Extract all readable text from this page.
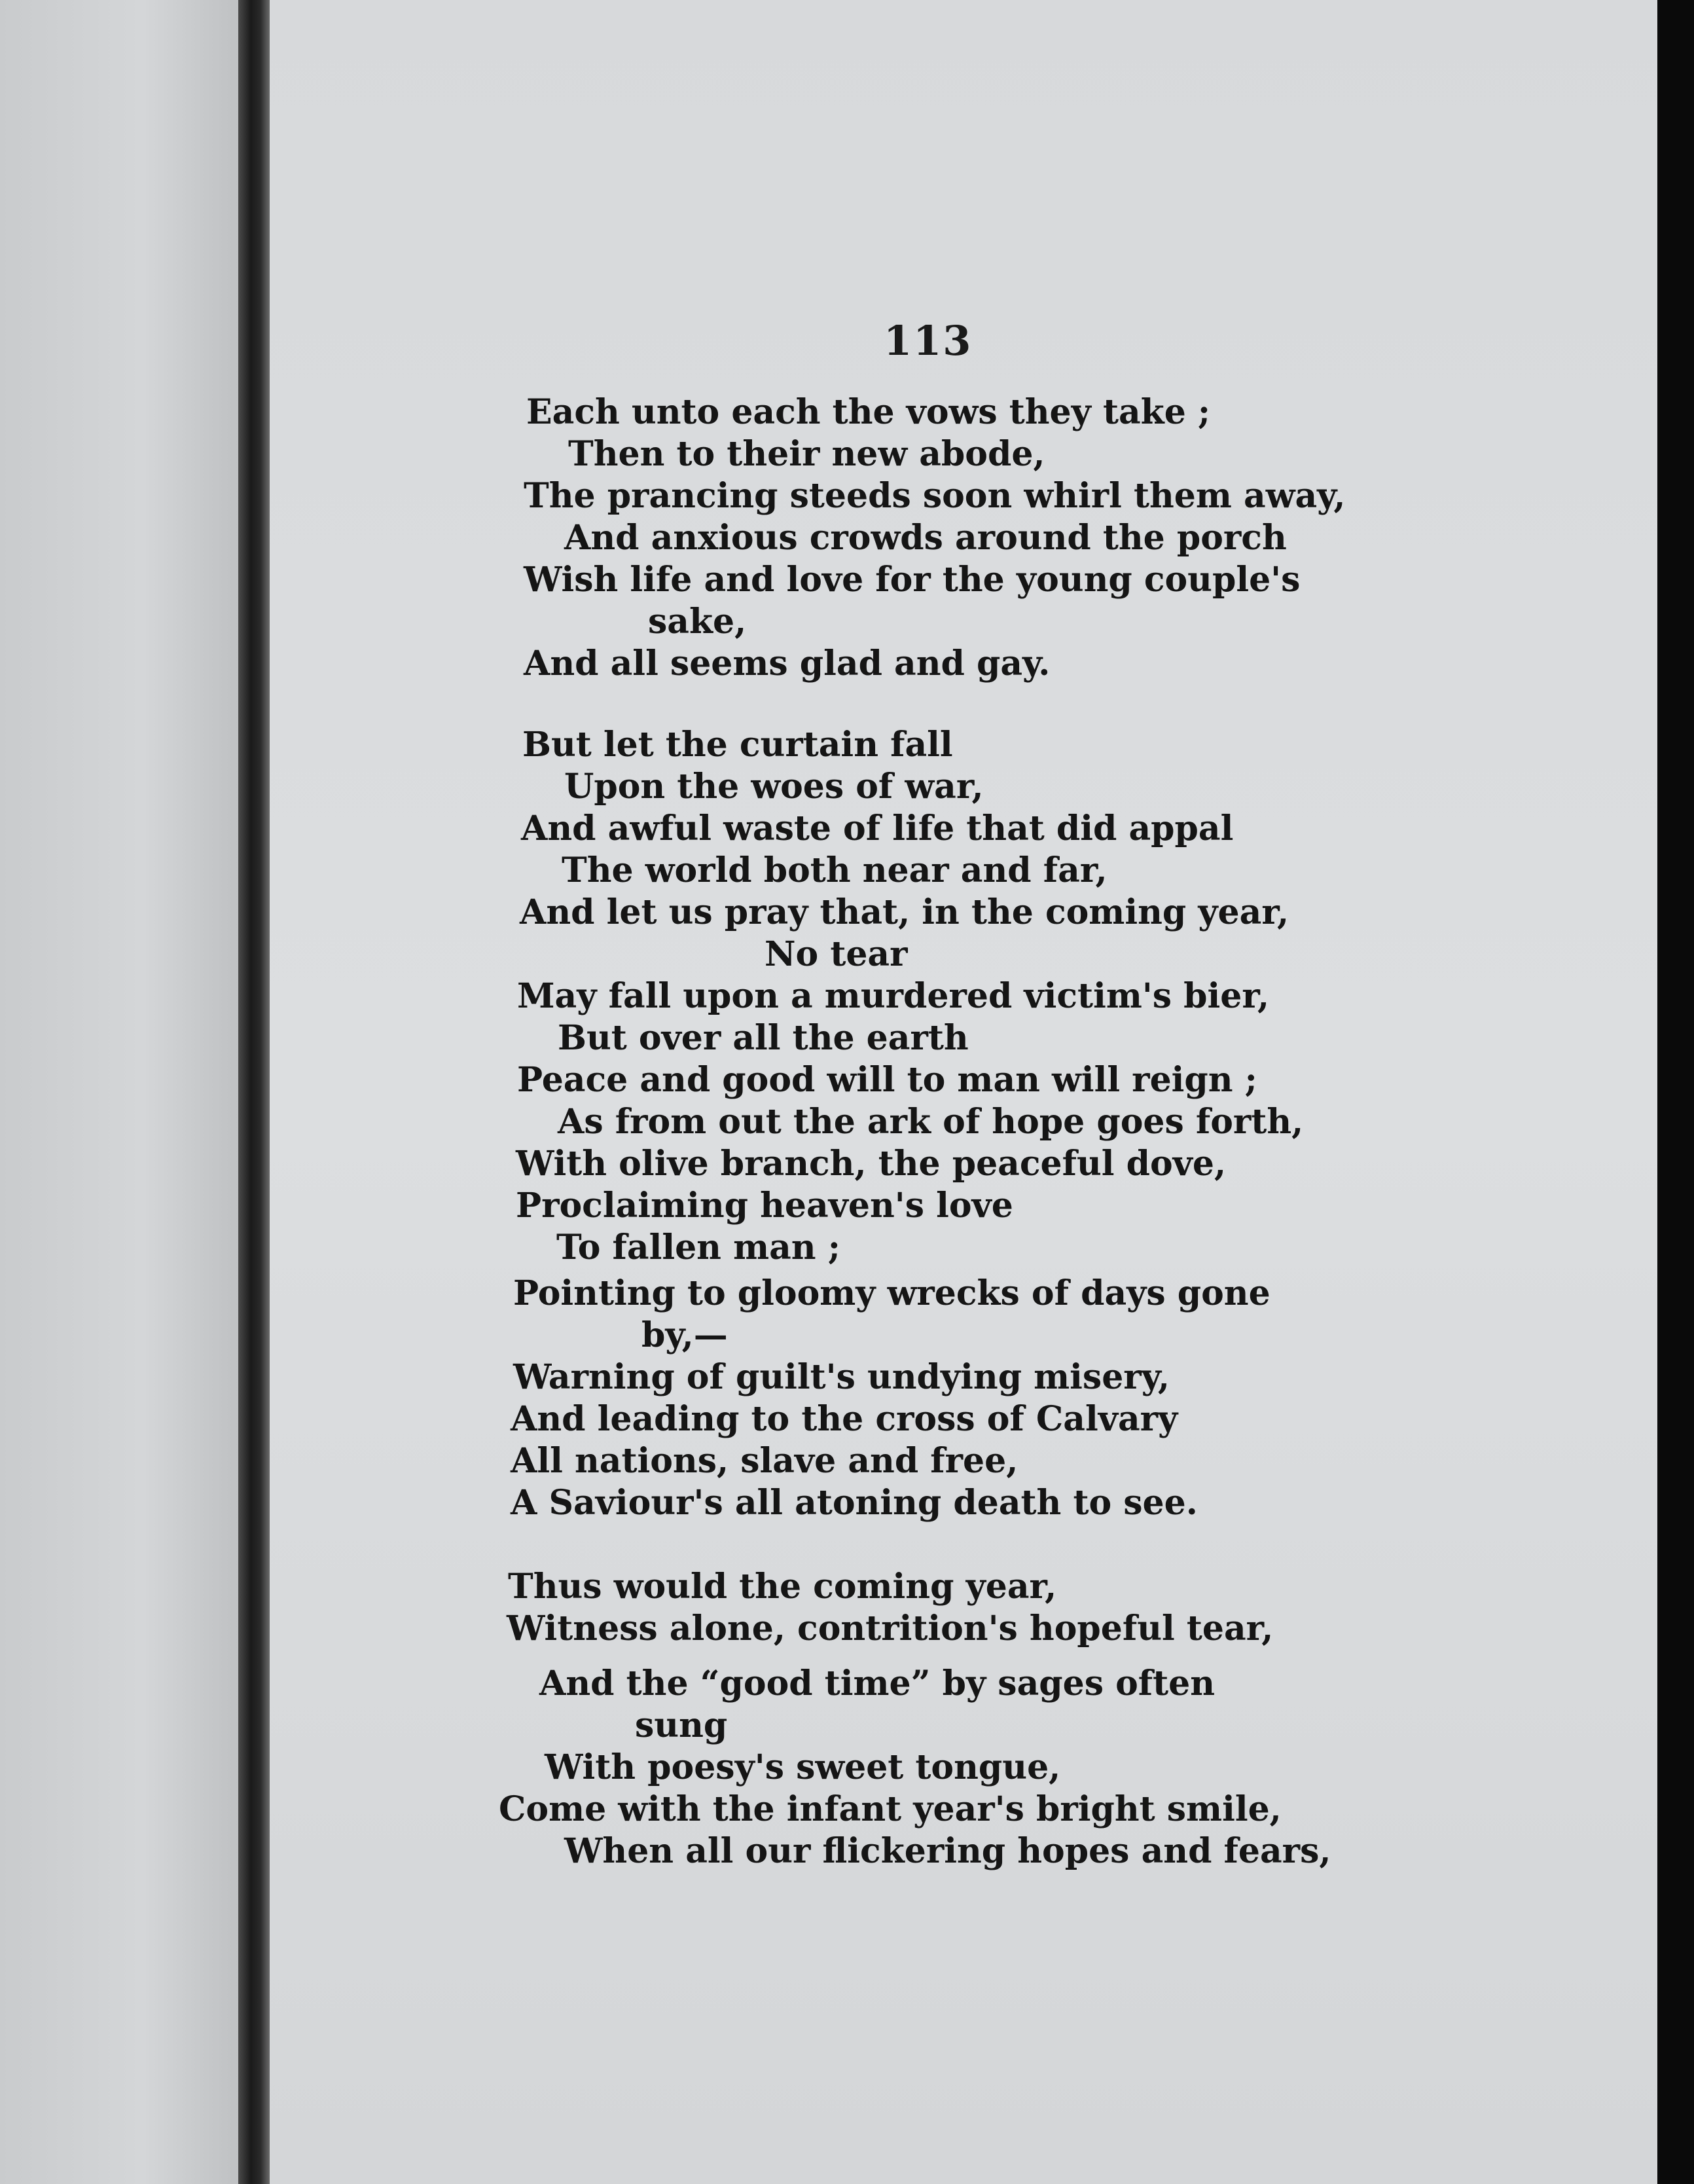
113
Each unto each the vows they take ;
Then to their new abode,
The prancing steeds soon whirl them away,
And anxious crowds around the porch
Wish life and love for the young couple's
sake,
And all seems glad and gay.
But let the curtain fall
Upon the woes of war,
And awful waste of life that did appal
The world both near and far,
And let us pray that, in the coming year,
No tear
May fall upon a murdered victim's bier,
But over all the earth
Peace and good will to man will reign ;
As from out the ark of hope goes forth,
With olive branch, the peaceful dove,
Proclaiming heaven's love
To fallen man ;
Pointing to gloomy wrecks of days gone
by,—
Warning of guilt's undying misery,
And leading to the cross of Calvary
All nations, slave and free,
A Saviour's all atoning death to see.
Thus would the coming year,
Witness alone, contrition's hopeful tear,
And the “good time” by sages often
sung
With poesy's sweet tongue,
Come with the infant year's bright smile,
When all our flickering hopes and fears,
